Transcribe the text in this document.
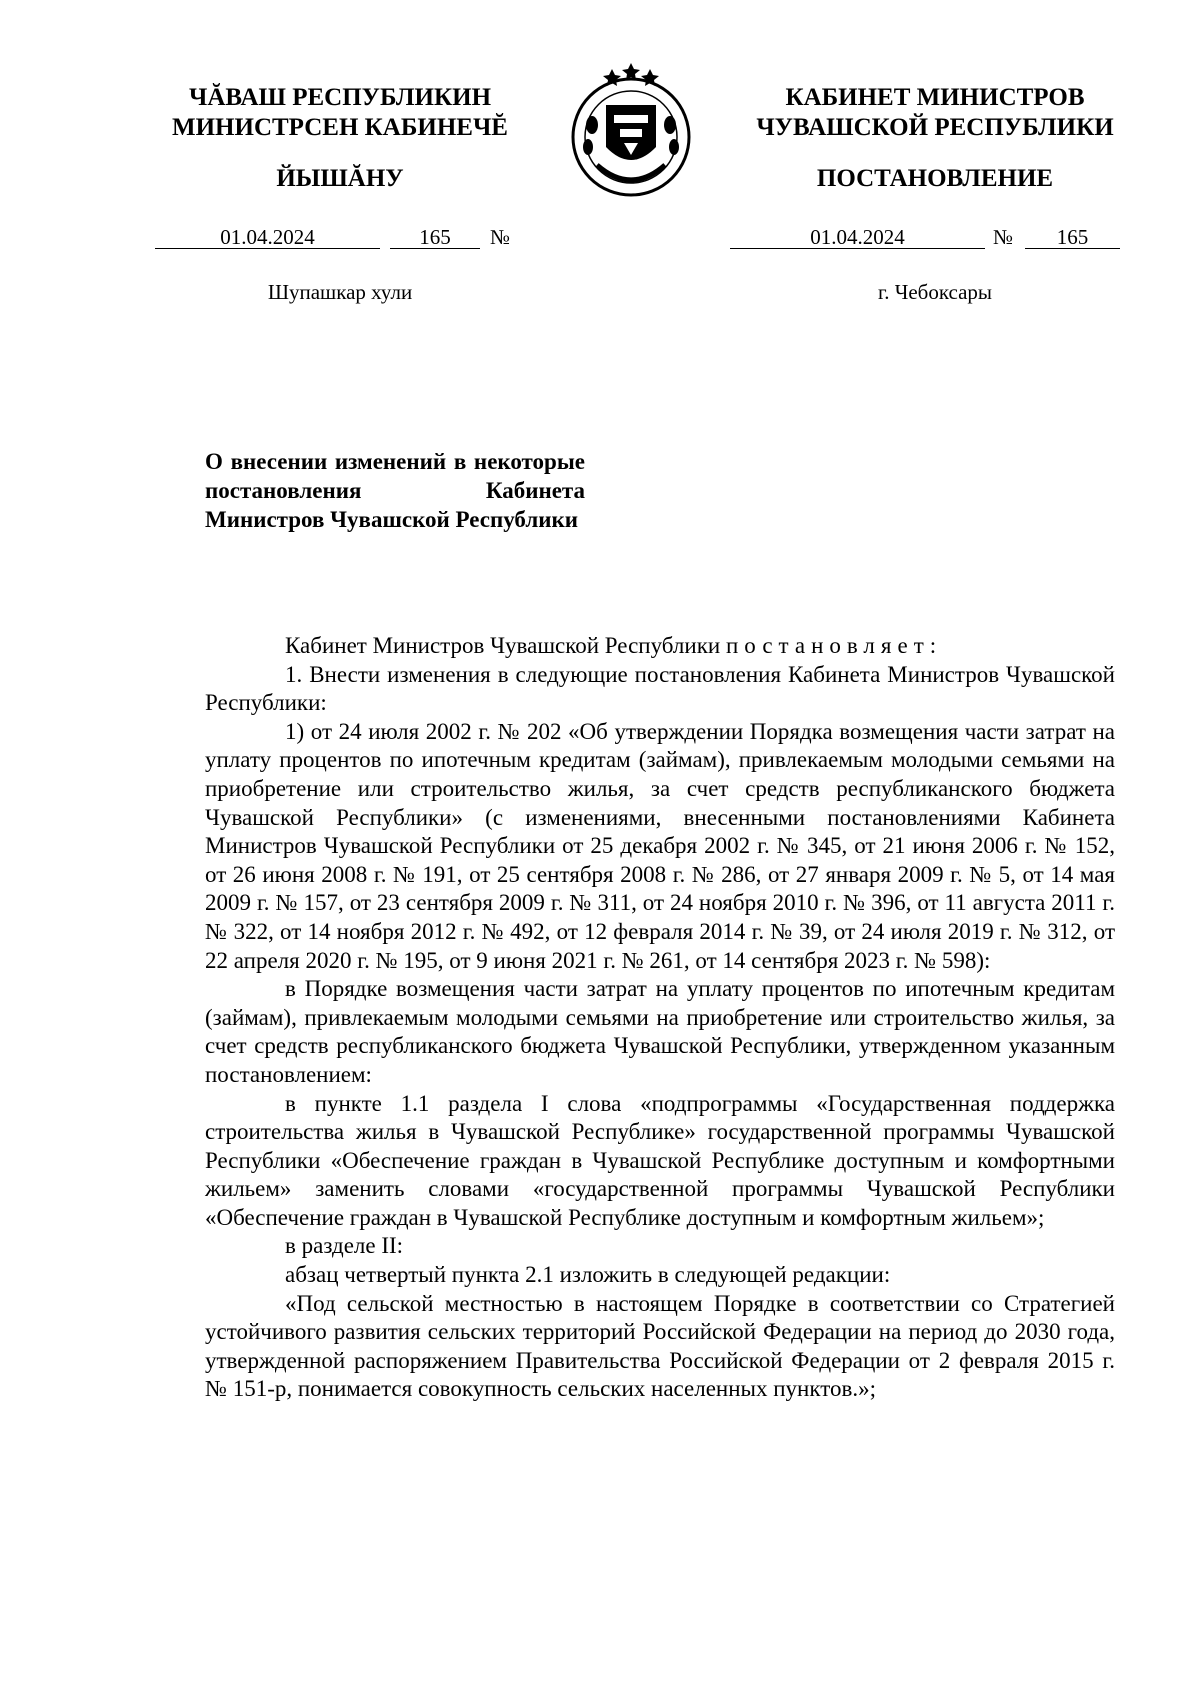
ЧĂВАШ РЕСПУБЛИКИН
МИНИСТРСЕН КАБИНЕЧĔ
КАБИНЕТ МИНИСТРОВ
ЧУВАШСКОЙ РЕСПУБЛИКИ
ЙЫШĂНУ	ПОСТАНОВЛЕНИЕ
01.04.2024	165	№	01.04.2024	№	165
Шупашкар хули	г. Чебоксары
О внесении изменений в некоторые постановления Кабинета Министров Чувашской Республики

Кабинет Министров Чувашской Республики постановляет:

1. Внести изменения в следующие постановления Кабинета Министров Чувашской Республики:

1) от 24 июля 2002 г. № 202 «Об утверждении Порядка возмещения части затрат на уплату процентов по ипотечным кредитам (займам), привлекаемым молодыми семьями на приобретение или строительство жилья, за счет средств республиканского бюджета Чувашской Республики» (с изменениями, внесенными постановлениями Кабинета Министров Чувашской Республики от 25 декабря 2002 г. № 345, от 21 июня 2006 г. № 152, от 26 июня 2008 г. № 191, от 25 сентября 2008 г. № 286, от 27 января 2009 г. № 5, от 14 мая 2009 г. № 157, от 23 сентября 2009 г. № 311, от 24 ноября 2010 г. № 396, от 11 августа 2011 г. № 322, от 14 ноября 2012 г. № 492, от 12 февраля 2014 г. № 39, от 24 июля 2019 г. № 312, от 22 апреля 2020 г. № 195, от 9 июня 2021 г. № 261, от 14 сентября 2023 г. № 598):

в Порядке возмещения части затрат на уплату процентов по ипотечным кредитам (займам), привлекаемым молодыми семьями на приобретение или строительство жилья, за счет средств республиканского бюджета Чувашской Республики, утвержденном указанным постановлением:

в пункте 1.1 раздела I слова «подпрограммы «Государственная поддержка строительства жилья в Чувашской Республике» государственной программы Чувашской Республики «Обеспечение граждан в Чувашской Республике доступным и комфортными жильем» заменить словами «государственной программы Чувашской Республики «Обеспечение граждан в Чувашской Республике доступным и комфортным жильем»;

в разделе II:

абзац четвертый пункта 2.1 изложить в следующей редакции:

«Под сельской местностью в настоящем Порядке в соответствии со Стратегией устойчивого развития сельских территорий Российской Федерации на период до 2030 года, утвержденной распоряжением Правительства Российской Федерации от 2 февраля 2015 г. № 151-р, понимается совокупность сельских населенных пунктов.»;
